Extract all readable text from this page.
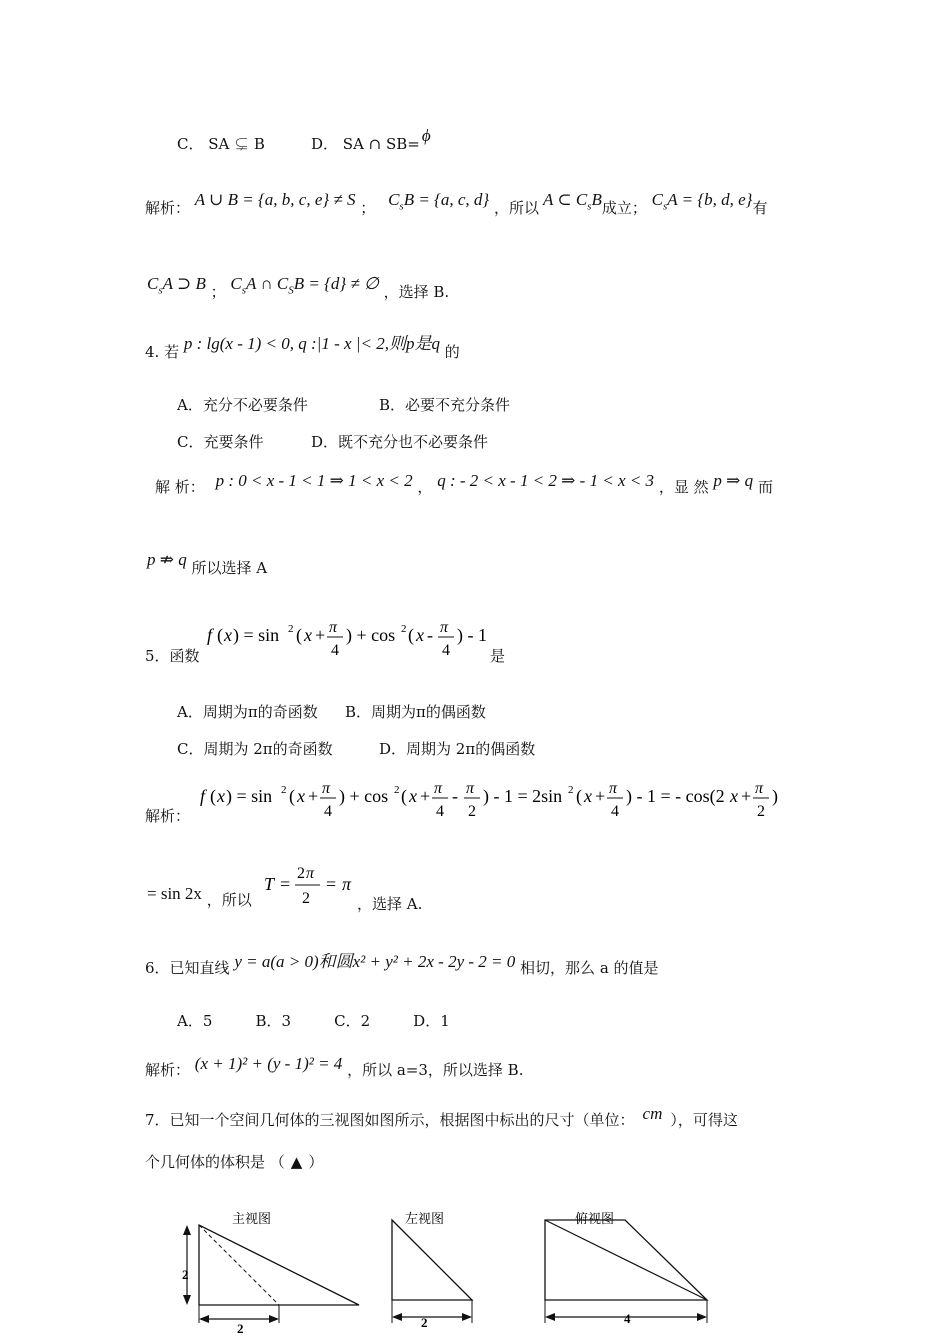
C． SA ⊊ B	D． SA ∩ SB= ϕ
解析： A ∪ B = {a, b, c, e} ≠ S ； $C_sB = \{a$, c, d} ，所以 A ⊂ $C_sB$成立； $C_sA = \{b$, d, e}有
$C_sA$ ⊃ B ； $C_sA$ ∩ $C_SB = \{d\}$ ≠ ∅ ，选择 B.
4. 若 p : lg(x - 1) < 0, q :|1 - x |< 2,则p是q 的
A．充分不必要条件	B．必要不充分条件
C．充要条件	D．既不充分也不必要条件
解 析： p : 0 < x - 1 < 1 ⇒ 1 < x < 2 ， q : - 2 < x - 1 < 2 ⇒ - 1 < x < 3 ，显 然 p ⇒ q 而
p ⇏ q 所以选择 A
5．函数	是
f ( x ) = sin 2 ( x + π
4
) + cos 2 ( x - π
4
) - 1
A．周期为π的奇函数 B．周期为π的偶函数
C．周期为 2π的奇函数	D．周期为 2π的偶函数
解析：
f ( x ) = sin 2 ( x + π
4
) + cos 2 ( x + π
4
- π
2
) - 1 = 2sin 2 ( x + π
4
) - 1 = - cos(2 x + π
2
)
= sin 2x ，所以
T =
2 π
2
= π
，选择 A.
6．已知直线 y = a(a > 0)和圆x² + y² + 2x - 2y - 2 = 0 相切，那么 a 的值是
A．5    B．3    C．2    D．1
解析： (x + 1)² + (y - 1)² = 4 ，所以 a=3，所以选择 B.
7．已知一个空间几何体的三视图如图所示，根据图中标出的尺寸（单位： cm ），可得这
个几何体的体积是 （ ▲ ）
主视图
2
2
左视图
2
俯视图
4
